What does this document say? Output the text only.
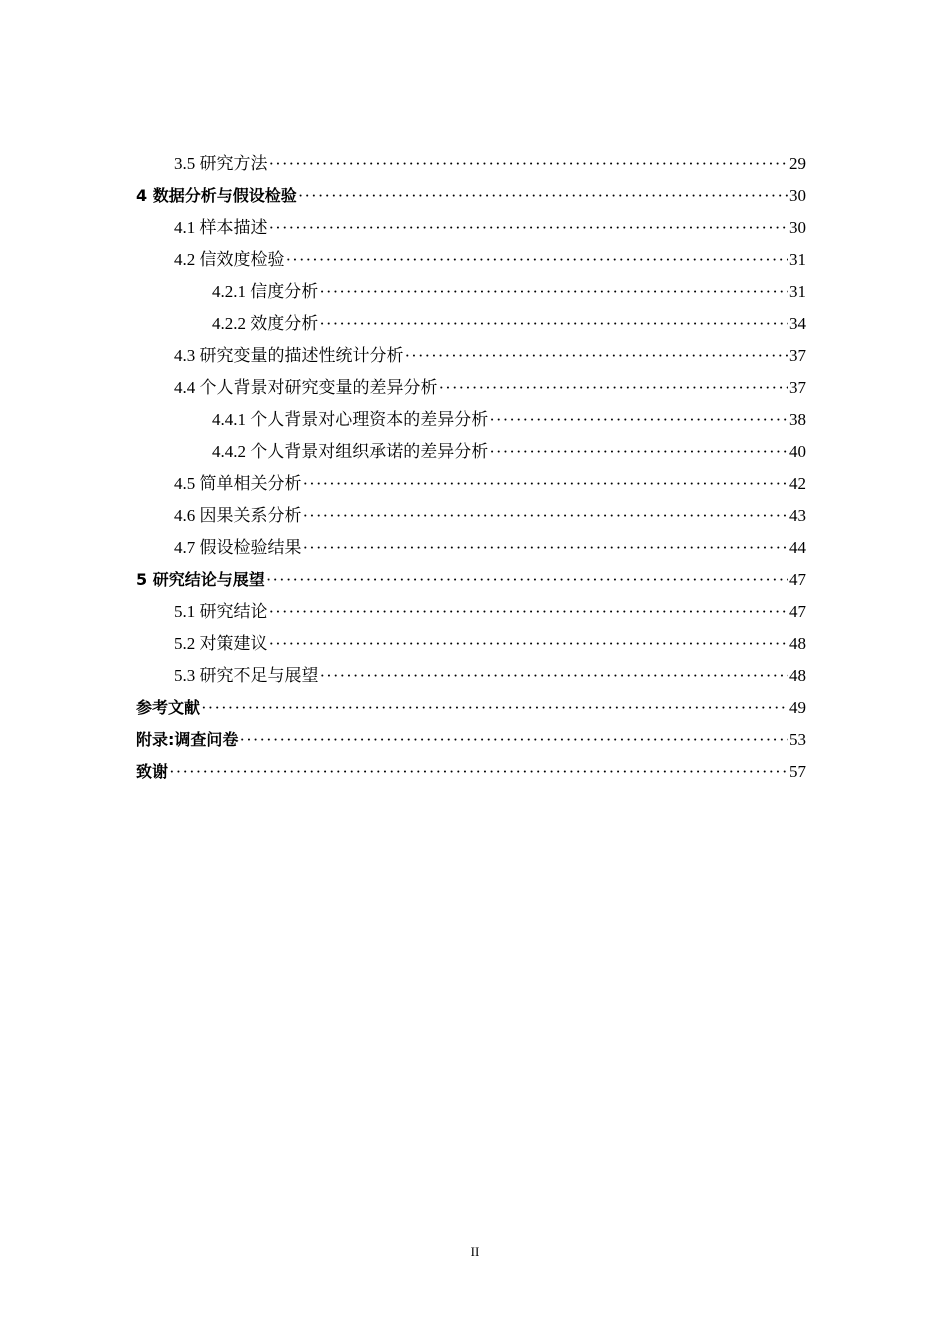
3.5 研究方法 ·····	29
4 数据分析与假设检验 ·····	30
4.1 样本描述 ·····	30
4.2 信效度检验 ·····	31
4.2.1 信度分析 ·····	31
4.2.2 效度分析 ·····	34
4.3 研究变量的描述性统计分析 ·····	37
4.4 个人背景对研究变量的差异分析 ·····	37
4.4.1 个人背景对心理资本的差异分析 ·····	38
4.4.2 个人背景对组织承诺的差异分析 ·····	40
4.5 简单相关分析 ·····	42
4.6 因果关系分析 ·····	43
4.7 假设检验结果 ·····	44
5 研究结论与展望 ·····	47
5.1 研究结论 ·····	47
5.2 对策建议 ·····	48
5.3 研究不足与展望 ·····	48
参考文献 ·····	49
附录:调查问卷 ·····	53
致谢 ·····	57
II
